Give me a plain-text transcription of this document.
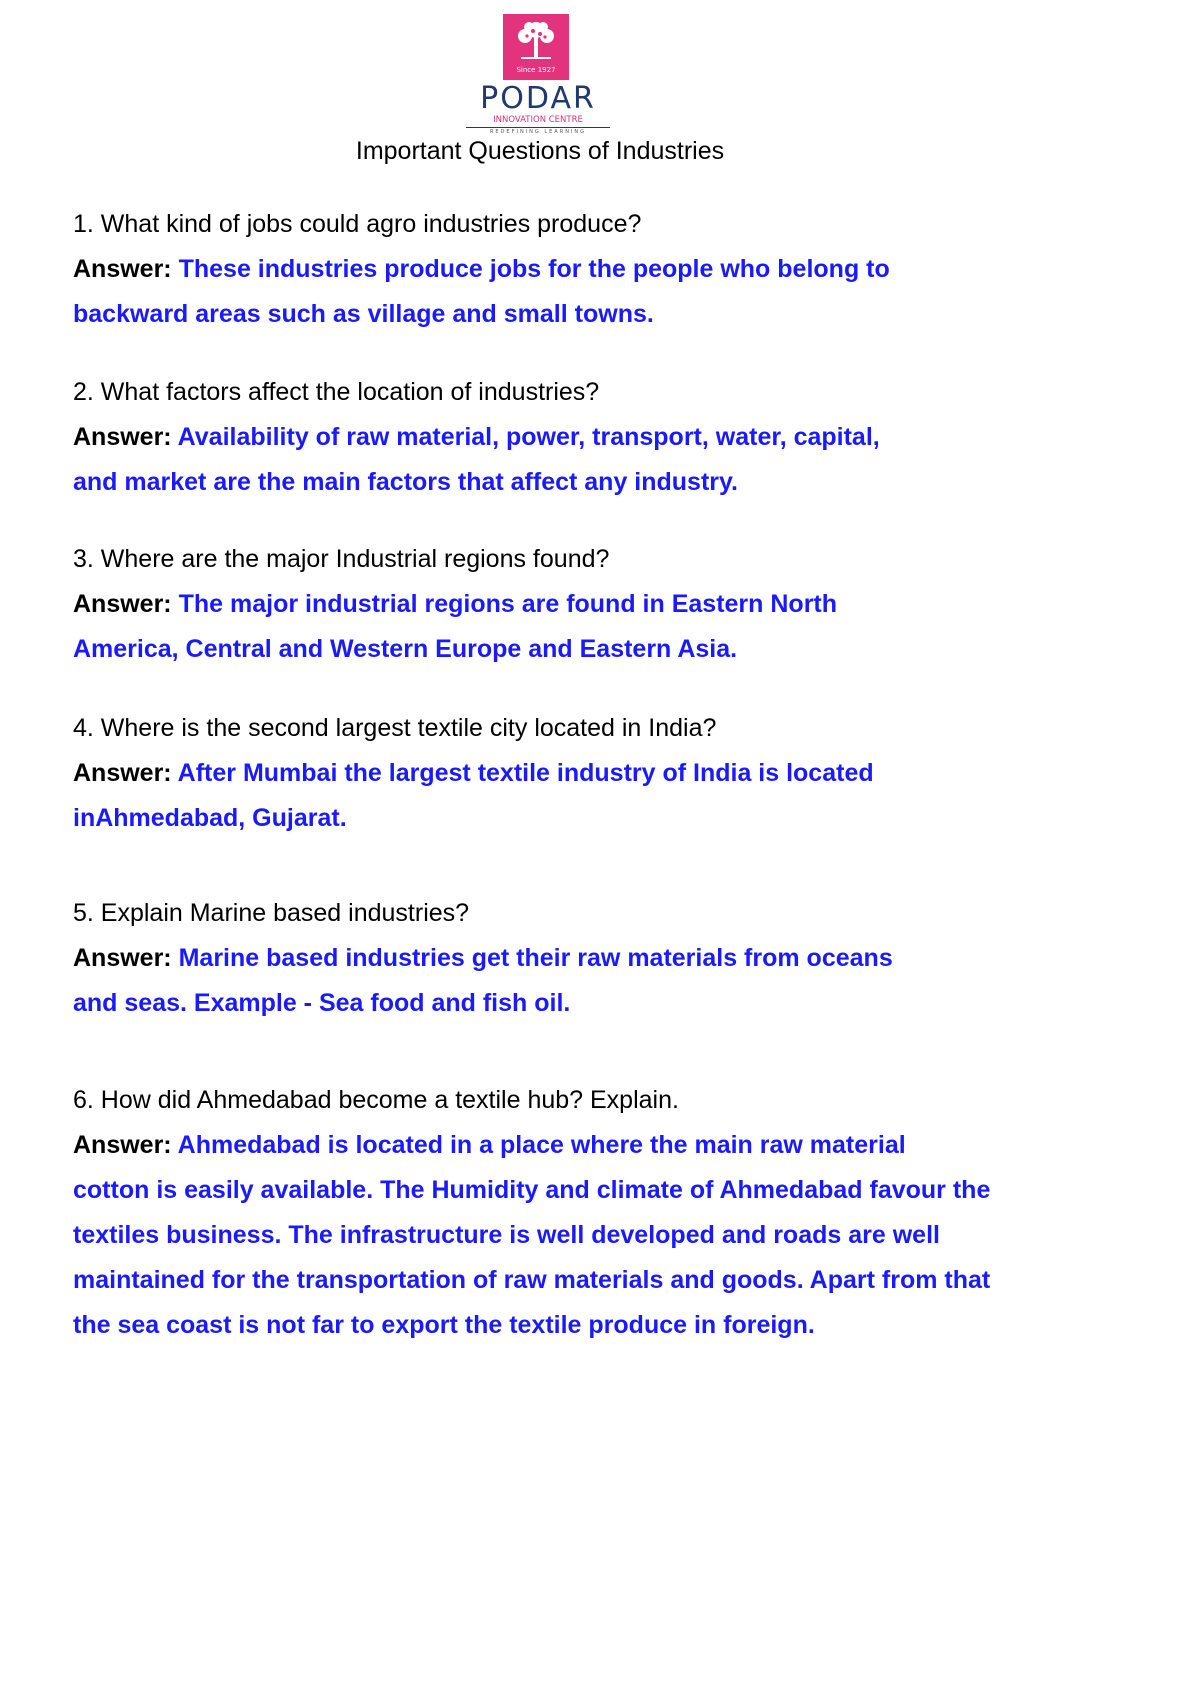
Since 1927
PODAR
INNOVATION CENTRE
REDEFINING LEARNING
Important Questions of Industries

1. What kind of jobs could agro industries produce?

Answer: These industries produce jobs for the people who belong to
backward areas such as village and small towns.

2. What factors affect the location of industries?

Answer: Availability of raw material, power, transport, water, capital,
and market are the main factors that affect any industry.

3. Where are the major Industrial regions found?

Answer: The major industrial regions are found in Eastern North
America, Central and Western Europe and Eastern Asia.

4. Where is the second largest textile city located in India?

Answer: After Mumbai the largest textile industry of India is located
inAhmedabad, Gujarat.

5. Explain Marine based industries?

Answer: Marine based industries get their raw materials from oceans
and seas. Example - Sea food and fish oil.

6. How did Ahmedabad become a textile hub? Explain.

Answer: Ahmedabad is located in a place where the main raw material
cotton is easily available. The Humidity and climate of Ahmedabad favour the
textiles business. The infrastructure is well developed and roads are well
maintained for the transportation of raw materials and goods. Apart from that
the sea coast is not far to export the textile produce in foreign.
